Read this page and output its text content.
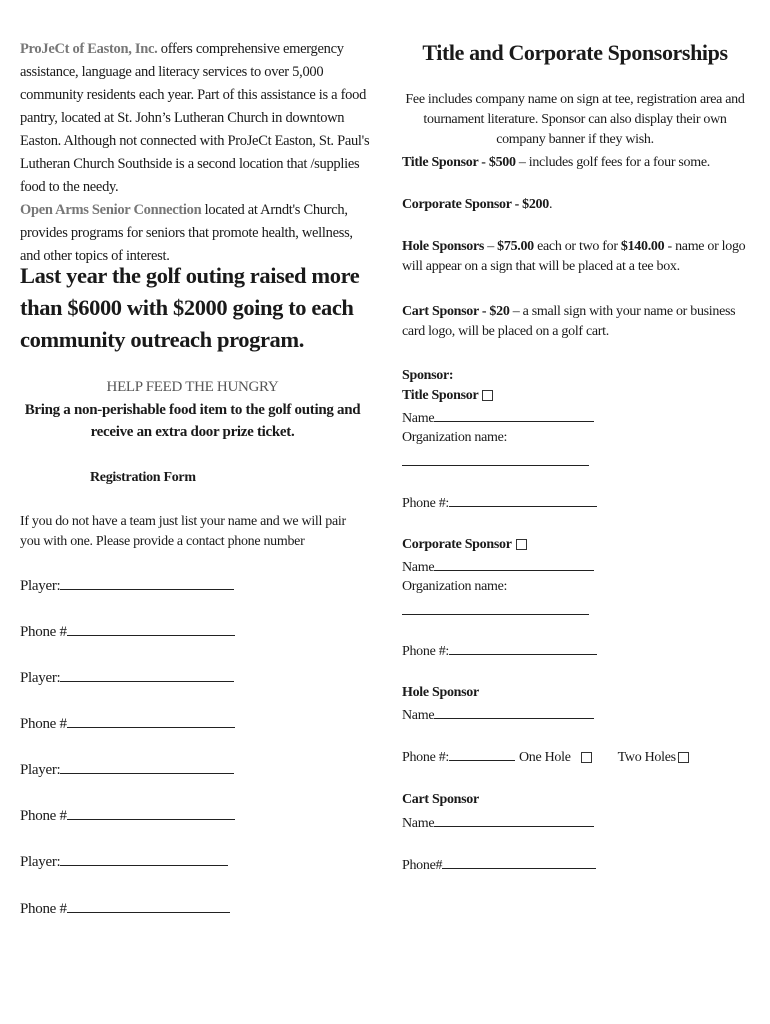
ProJeCt of Easton, Inc. offers comprehensive emergency assistance, language and literacy services to over 5,000 community residents each year. Part of this assistance is a food pantry, located at St. John’s Lutheran Church in downtown Easton. Although not connected with ProJeCt Easton, St. Paul's Lutheran Church Southside is a second location that /supplies food to the needy.
Open Arms Senior Connection located at Arndt's Church, provides programs for seniors that promote health, wellness, and other topics of interest.

Last year the golf outing raised more than $6000 with $2000 going to each community outreach program.

HELP FEED THE HUNGRY

Bring a non-perishable food item to the golf outing and receive an extra door prize ticket.

Registration Form

If you do not have a team just list your name and we will pair you with one. Please provide a contact phone number

Player:
Phone #
Player:
Phone #
Player:
Phone #
Player:
Phone #

Title and Corporate Sponsorships

Fee includes company name on sign at tee, registration area and tournament literature. Sponsor can also display their own company banner if they wish.

Title Sponsor - $500 – includes golf fees for a four some.

Corporate Sponsor - $200.

Hole Sponsors – $75.00 each or two for $140.00 - name or logo will appear on a sign that will be placed at a tee box.

Cart Sponsor - $20 – a small sign with your name or business card logo, will be placed on a golf cart.

Sponsor:

Title Sponsor
Name

Organization name:

Phone #:
Corporate Sponsor
Name

Organization name:

Phone #:

Hole Sponsor

Name
Phone #:	One Hole	Two Holes

Cart Sponsor

Name
Phone#
